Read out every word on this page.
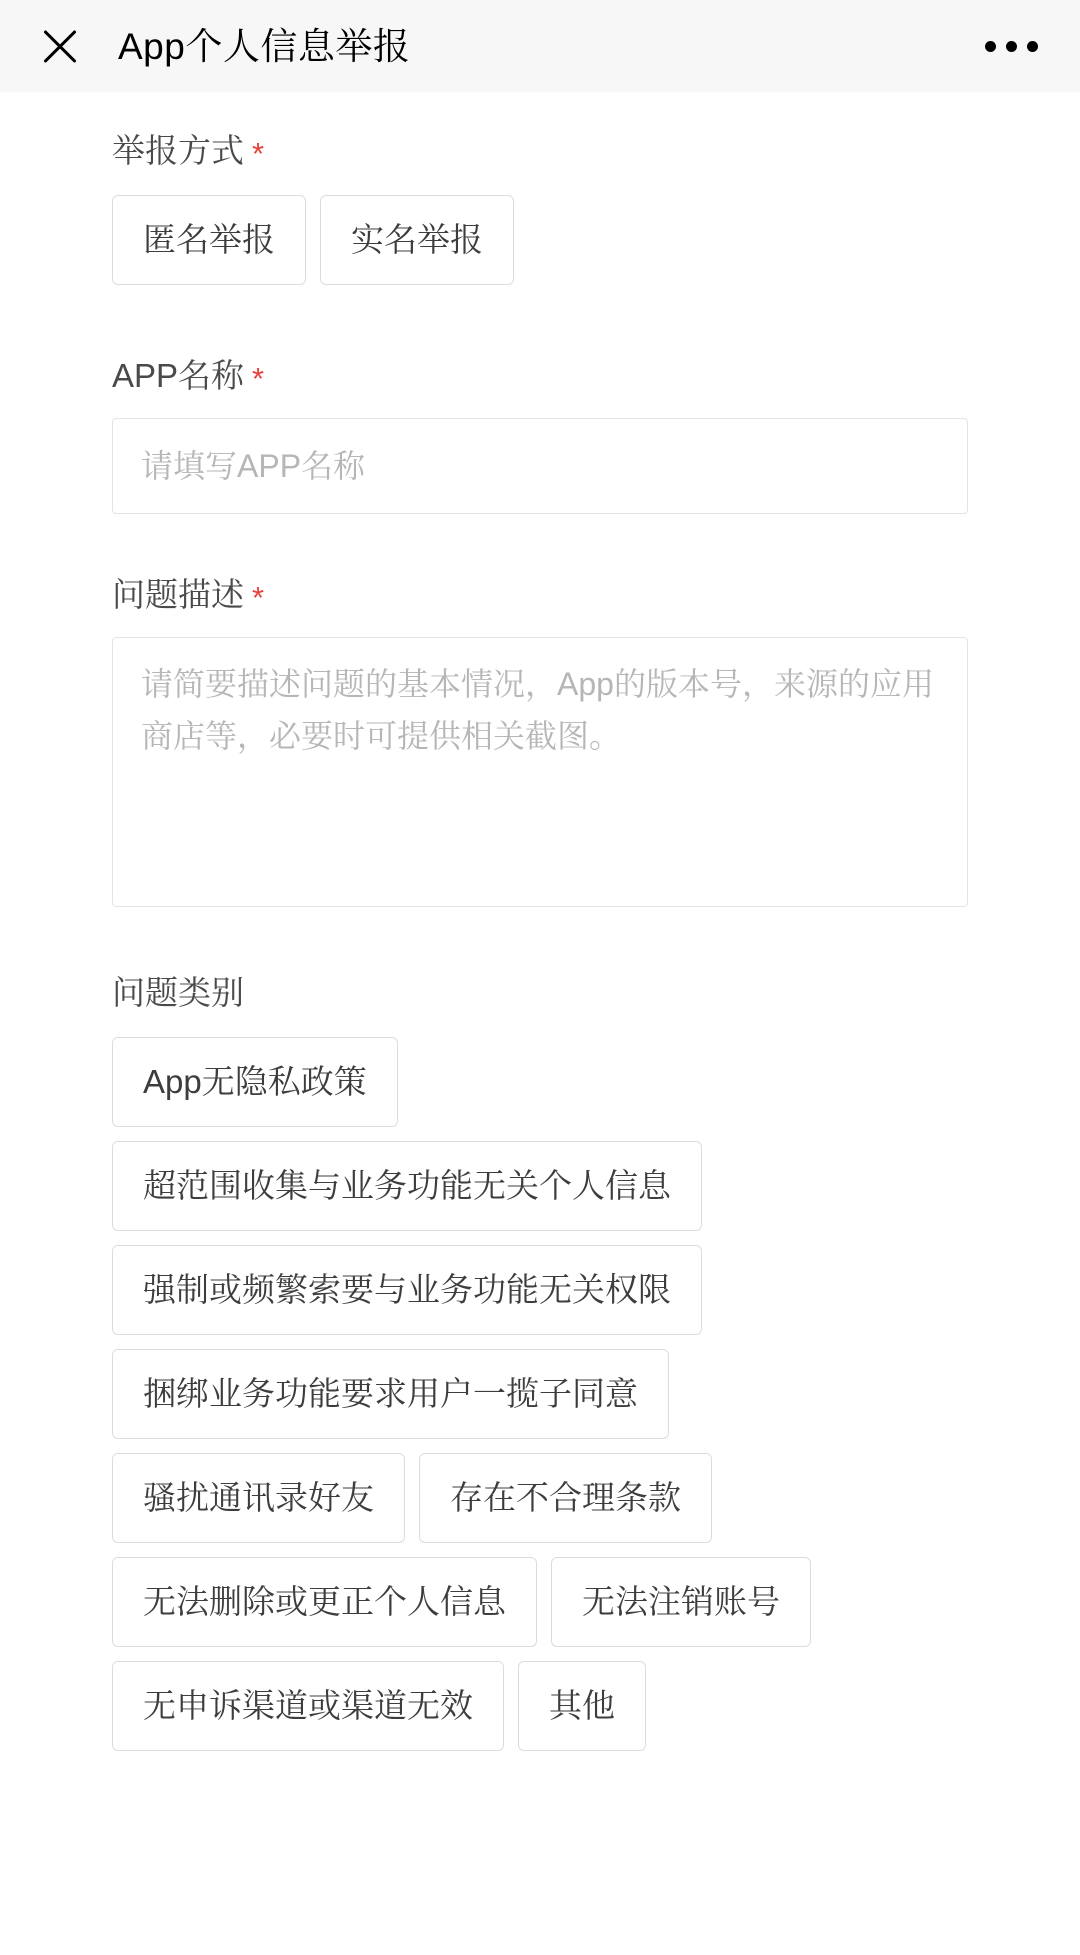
App个人信息举报
举报方式 *
匿名举报	实名举报
APP名称 *
请填写APP名称
问题描述 *
请简要描述问题的基本情况，App的版本号，来源的应用商店等，必要时可提供相关截图。
问题类别
App无隐私政策
超范围收集与业务功能无关个人信息
强制或频繁索要与业务功能无关权限
捆绑业务功能要求用户一揽子同意
骚扰通讯录好友	存在不合理条款
无法删除或更正个人信息	无法注销账号
无申诉渠道或渠道无效	其他
